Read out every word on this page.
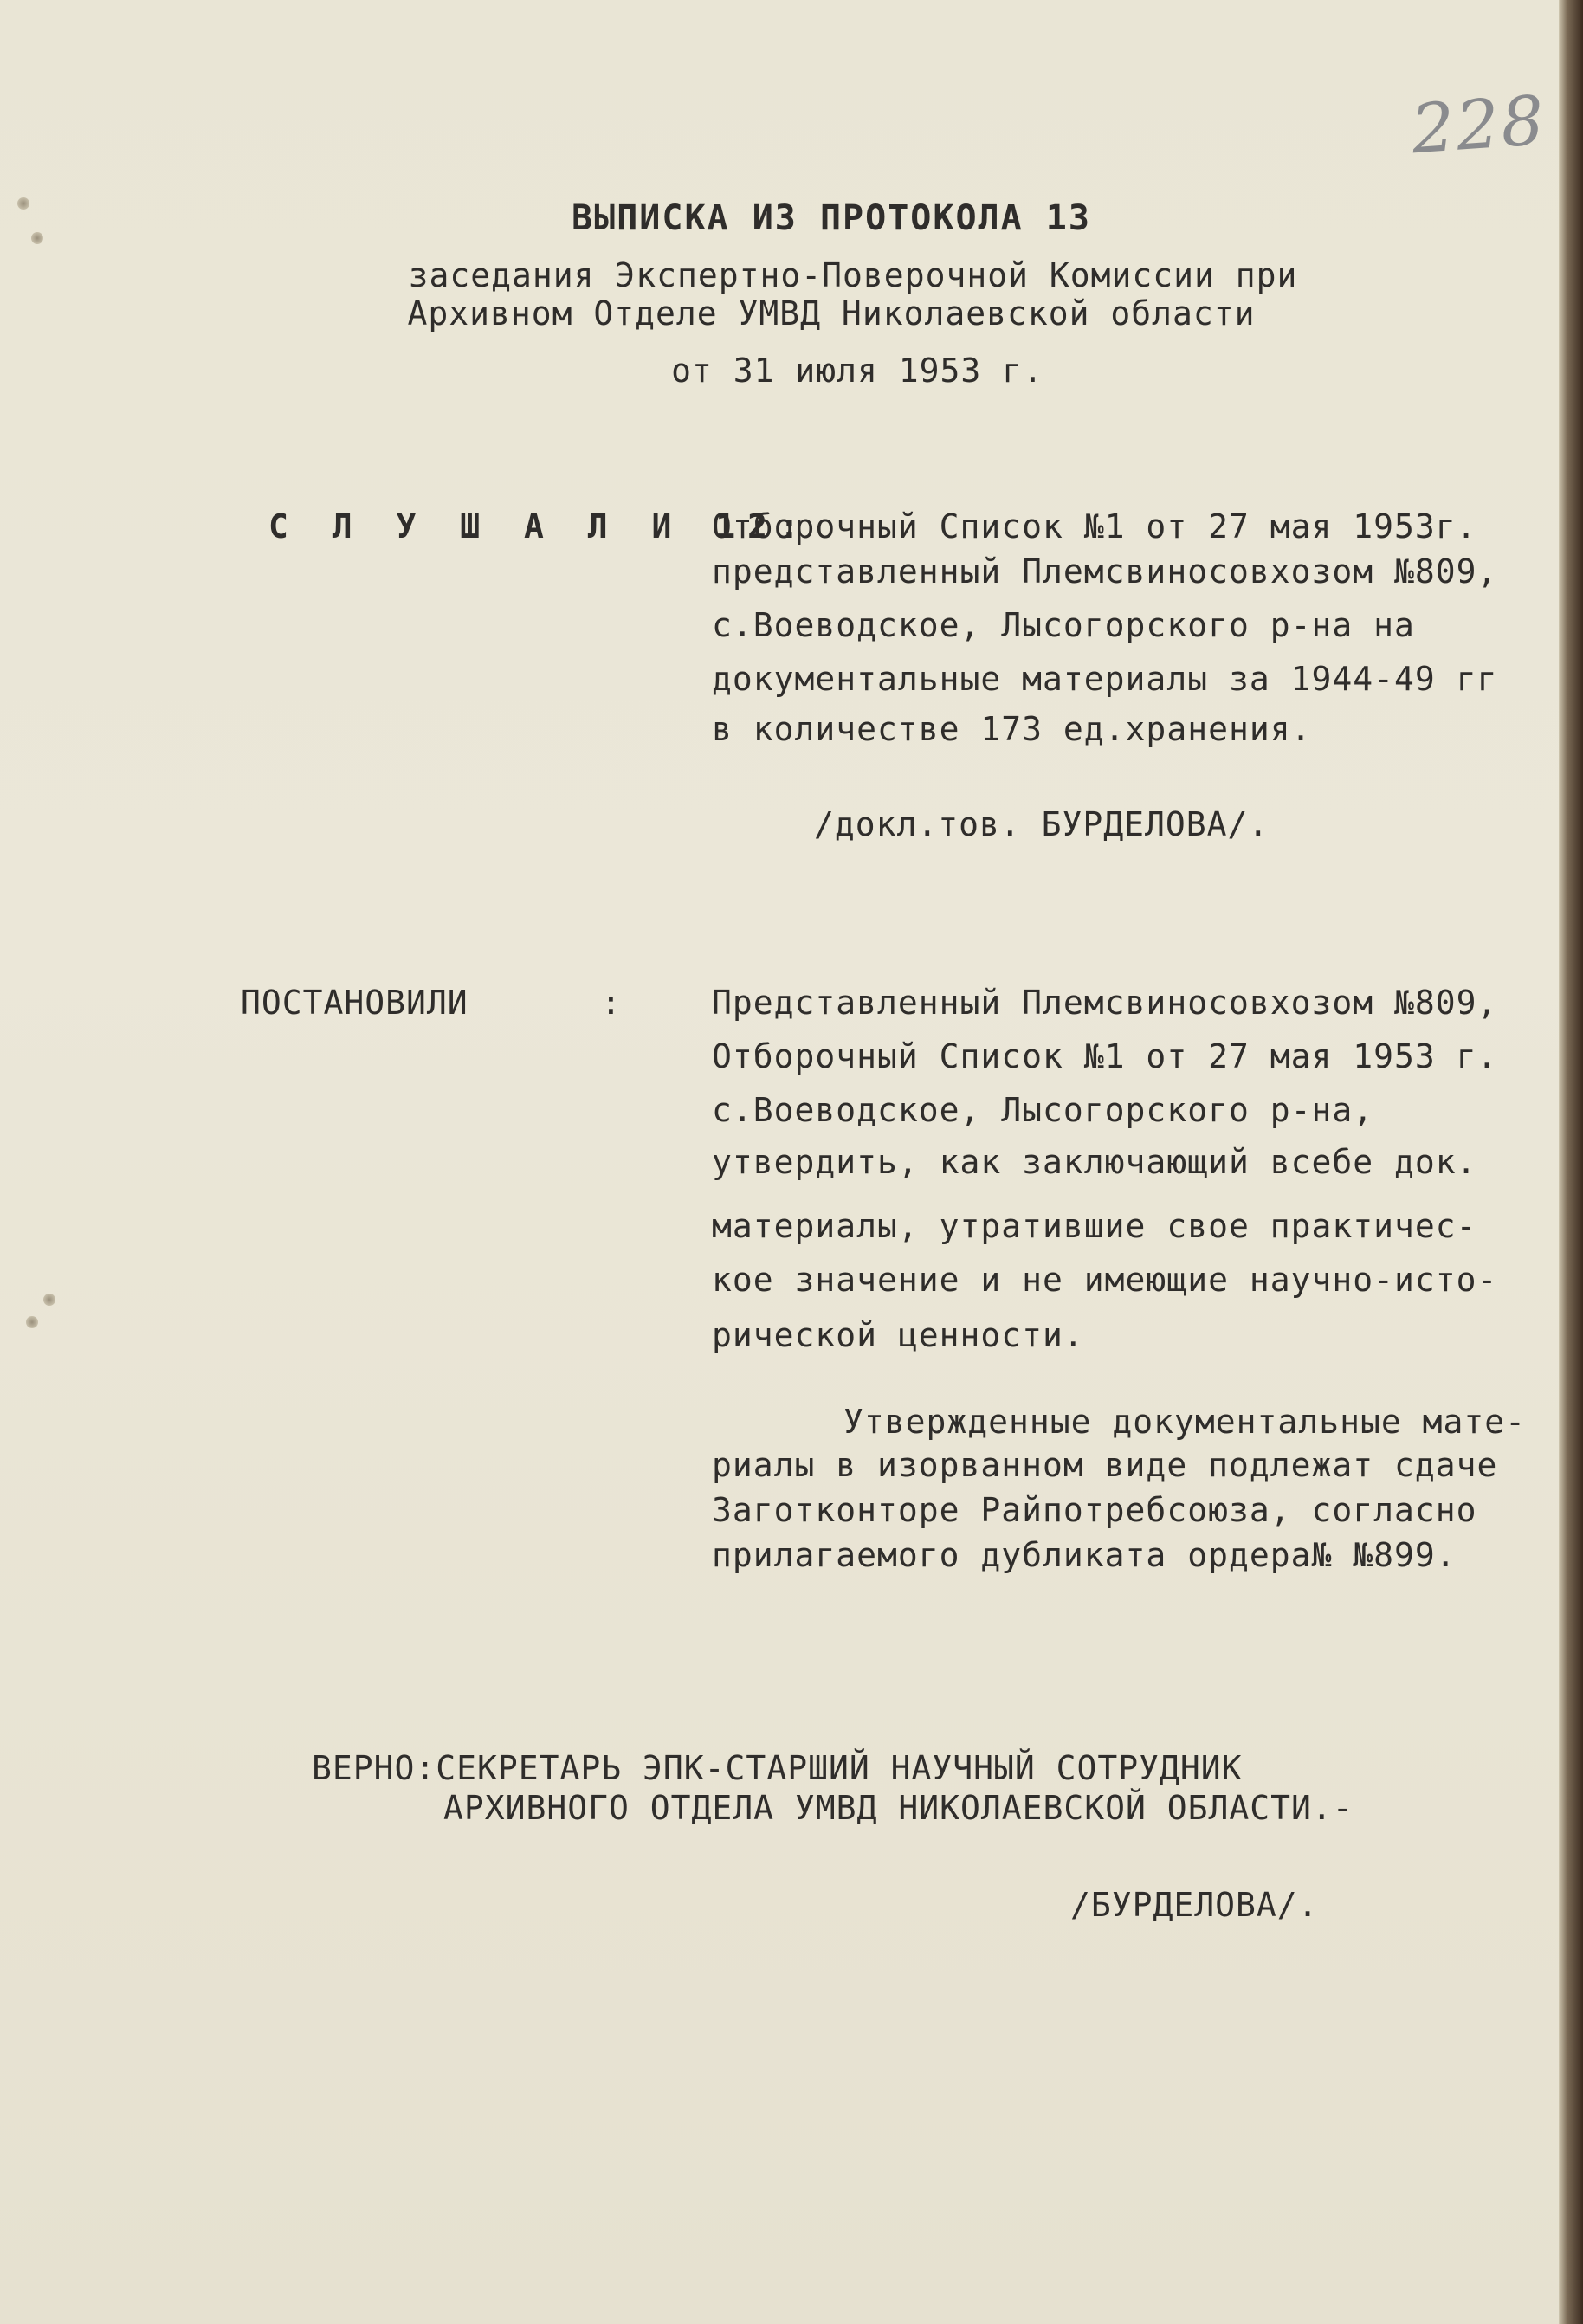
228
ВЫПИСКА ИЗ ПРОТОКОЛА 13
заседания Экспертно-Поверочной Комиссии при
Архивном Отделе УМВД Николаевской области
от 31 июля 1953 г.
С Л У Ш А Л И 12:
Отборочный Список №1 от 27 мая 1953г.
представленный Племсвиносовхозом №809,
с.Воеводское, Лысогорского р-на на
документальные материалы за 1944-49 гг
в количестве 173 ед.хранения.
/докл.тов. БУРДЕЛОВА/.
ПОСТАНОВИЛИ	:	Представленный Племсвиносовхозом №809,
Отборочный Список №1 от 27 мая 1953 г.
с.Воеводское, Лысогорского р-на,
утвердить, как заключающий всебе док.
материалы, утратившие свое практичес-
кое значение и не имеющие научно-исто-
рической ценности.
Утвержденные документальные мате-
риалы в изорванном виде подлежат сдаче
Заготконторе Райпотребсоюза, согласно
прилагаемого дубликата ордера№ №899.
ВЕРНО:СЕКРЕТАРЬ ЭПК-СТАРШИЙ НАУЧНЫЙ СОТРУДНИК
АРХИВНОГО ОТДЕЛА УМВД НИКОЛАЕВСКОЙ ОБЛАСТИ.-
/БУРДЕЛОВА/.
